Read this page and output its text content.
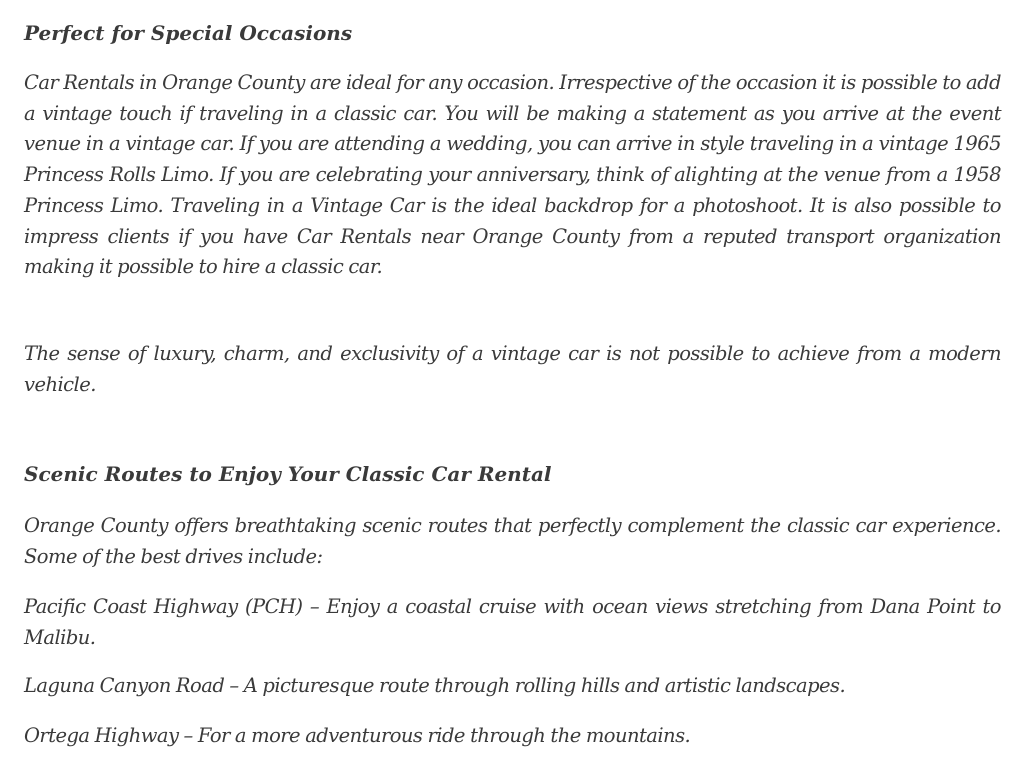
Perfect for Special Occasions

Car Rentals in Orange County are ideal for any occasion. Irrespective of the occasion it is possible to add a vintage touch if traveling in a classic car. You will be making a statement as you arrive at the event venue in a vintage car. If you are attending a wedding, you can arrive in style traveling in a vintage 1965 Princess Rolls Limo. If you are celebrating your anniversary, think of alighting at the venue from a 1958 Princess Limo. Traveling in a Vintage Car is the ideal backdrop for a photoshoot. It is also possible to impress clients if you have Car Rentals near Orange County from a reputed transport organization making it possible to hire a classic car.

The sense of luxury, charm, and exclusivity of a vintage car is not possible to achieve from a modern vehicle.

Scenic Routes to Enjoy Your Classic Car Rental

Orange County offers breathtaking scenic routes that perfectly complement the classic car experience. Some of the best drives include:

Pacific Coast Highway (PCH) – Enjoy a coastal cruise with ocean views stretching from Dana Point to Malibu.

Laguna Canyon Road – A picturesque route through rolling hills and artistic landscapes.

Ortega Highway – For a more adventurous ride through the mountains.
